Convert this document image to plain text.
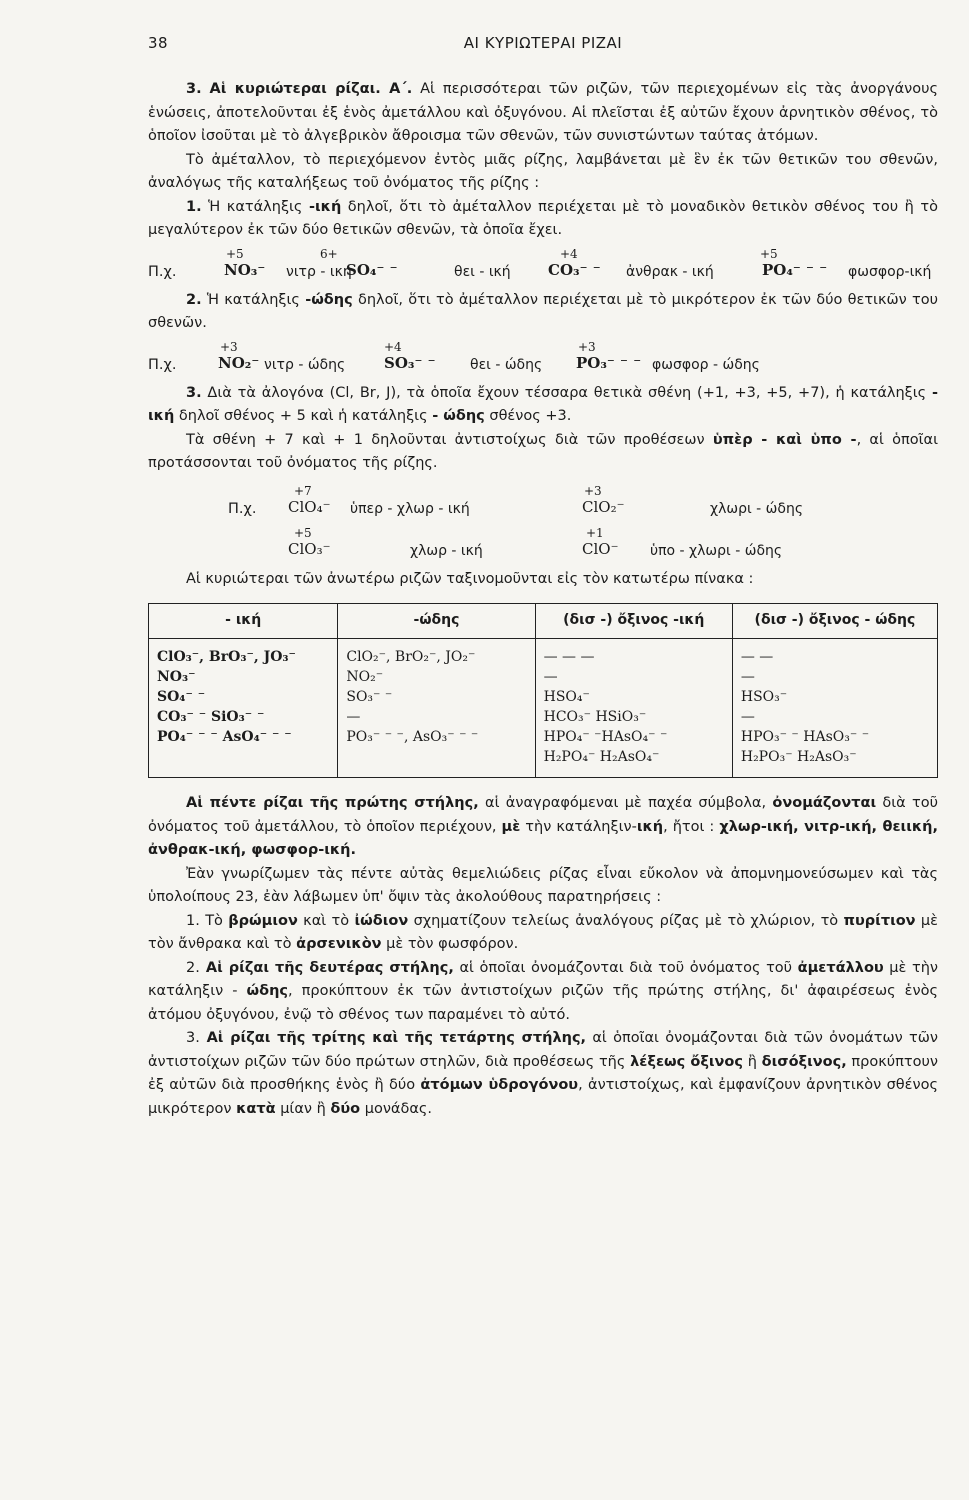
38	ΑΙ ΚΥΡΙΩΤΕΡΑΙ ΡΙΖΑΙ

3. Αἱ κυριώτεραι ρίζαι. Α΄. Αἱ περισσότεραι τῶν ριζῶν, τῶν περιεχομένων εἰς τὰς ἀνοργάνους ἑνώσεις, ἀποτελοῦνται ἐξ ἑνὸς ἀμετάλλου καὶ ὀξυγόνου. Αἱ πλεῖσται ἐξ αὐτῶν ἔχουν ἀρνητικὸν σθένος, τὸ ὁποῖον ἰσοῦται μὲ τὸ ἀλγεβρικὸν ἄθροισμα τῶν σθενῶν, τῶν συνιστώντων ταύτας ἀτόμων.

Τὸ ἀμέταλλον, τὸ περιεχόμενον ἐντὸς μιᾶς ρίζης, λαμβάνεται μὲ ἓν ἐκ τῶν θετικῶν του σθενῶν, ἀναλόγως τῆς καταλήξεως τοῦ ὀνόματος τῆς ρίζης :

1. Ἡ κατάληξις -ική δηλοῖ, ὅτι τὸ ἀμέταλλον περιέχεται μὲ τὸ μοναδικὸν θετικὸν σθένος του ἢ τὸ μεγαλύτερον ἐκ τῶν δύο θετικῶν σθενῶν, τὰ ὁποῖα ἔχει.

+5	6+	+4	+5
Π.χ.	NO₃⁻ νιτρ - ική
SO₄⁻ ⁻	θει - ική CO₃⁻ ⁻ ἀνθρακ - ική	PO₄⁻ ⁻ ⁻ φωσφορ-ική

2. Ἡ κατάληξις -ώδης δηλοῖ, ὅτι τὸ ἀμέταλλον περιέχεται μὲ τὸ μικρότερον ἐκ τῶν δύο θετικῶν του σθενῶν.

+3	+4	+3
Π.χ.	NO₂⁻ νιτρ - ώδης	SO₃⁻ ⁻ θει - ώδης PO₃⁻ ⁻ ⁻ φωσφορ - ώδης

3. Διὰ τὰ ἀλογόνα (Cl, Br, J), τὰ ὁποῖα ἔχουν τέσσαρα θετικὰ σθένη (+1, +3, +5, +7), ἡ κατάληξις - ική δηλοῖ σθένος + 5 καὶ ἡ κατάληξις - ώδης σθένος +3.

Τὰ σθένη + 7 καὶ + 1 δηλοῦνται ἀντιστοίχως διὰ τῶν προθέσεων ὑπὲρ - καὶ ὑπο -, αἱ ὁποῖαι προτάσσονται τοῦ ὀνόματος τῆς ρίζης.

+7
Π.χ. ClO₄⁻ ὑπερ - χλωρ - ική
+3
ClO₂⁻	χλωρι - ώδης
+5
ClO₃⁻	χλωρ - ική
+1
ClO⁻ ὑπο - χλωρι - ώδης

Αἱ κυριώτεραι τῶν ἀνωτέρω ριζῶν ταξινομοῦνται εἰς τὸν κατωτέρω πίνακα :

- ική	-ώδης	(δισ -) ὄξινος -ική	(δισ -) ὄξινος - ώδης

ClO₃⁻, BrO₃⁻, JO₃⁻	ClO₂⁻, BrO₂⁻, JO₂⁻	— — —	— —
NO₃⁻	NO₂⁻	—	—
SO₄⁻ ⁻	SO₃⁻ ⁻	HSO₄⁻	HSO₃⁻
CO₃⁻ ⁻ SiO₃⁻ ⁻	—	HCO₃⁻ HSiO₃⁻	—
PO₄⁻ ⁻ ⁻ AsO₄⁻ ⁻ ⁻	PO₃⁻ ⁻ ⁻, AsO₃⁻ ⁻ ⁻	HPO₄⁻ ⁻HAsO₄⁻ ⁻	HPO₃⁻ ⁻ HAsO₃⁻ ⁻
		H₂PO₄⁻ H₂AsO₄⁻	H₂PO₃⁻ H₂AsO₃⁻

Αἱ πέντε ρίζαι τῆς πρώτης στήλης, αἱ ἀναγραφόμεναι μὲ παχέα σύμβολα, ὀνομάζονται διὰ τοῦ ὀνόματος τοῦ ἀμετάλλου, τὸ ὁποῖον περιέχουν, μὲ τὴν κατάληξιν-ική, ἤτοι : χλωρ-ική, νιτρ-ική, θειική, ἀνθρακ-ική, φωσφορ-ική.

Ἐὰν γνωρίζωμεν τὰς πέντε αὐτὰς θεμελιώδεις ρίζας εἶναι εὔκολον νὰ ἀπομνημονεύσωμεν καὶ τὰς ὑπολοίπους 23, ἐὰν λάβωμεν ὑπ' ὄψιν τὰς ἀκολούθους παρατηρήσεις :

1. Τὸ βρώμιον καὶ τὸ ἰώδιον σχηματίζουν τελείως ἀναλόγους ρίζας μὲ τὸ χλώριον, τὸ πυρίτιον μὲ τὸν ἄνθρακα καὶ τὸ ἀρσενικὸν μὲ τὸν φωσφόρον.

2. Αἱ ρίζαι τῆς δευτέρας στήλης, αἱ ὁποῖαι ὀνομάζονται διὰ τοῦ ὀνόματος τοῦ ἀμετάλλου μὲ τὴν κατάληξιν - ώδης, προκύπτουν ἐκ τῶν ἀντιστοίχων ριζῶν τῆς πρώτης στήλης, δι' ἀφαιρέσεως ἑνὸς ἀτόμου ὀξυγόνου, ἐνῷ τὸ σθένος των παραμένει τὸ αὐτό.

3. Αἱ ρίζαι τῆς τρίτης καὶ τῆς τετάρτης στήλης, αἱ ὁποῖαι ὀνομάζονται διὰ τῶν ὀνομάτων τῶν ἀντιστοίχων ριζῶν τῶν δύο πρώτων στηλῶν, διὰ προθέσεως τῆς λέξεως ὄξινος ἢ δισόξινος, προκύπτουν ἐξ αὐτῶν διὰ προσθήκης ἑνὸς ἢ δύο ἀτόμων ὑδρογόνου, ἀντιστοίχως, καὶ ἐμφανίζουν ἀρνητικὸν σθένος μικρότερον κατὰ μίαν ἢ δύο μονάδας.
